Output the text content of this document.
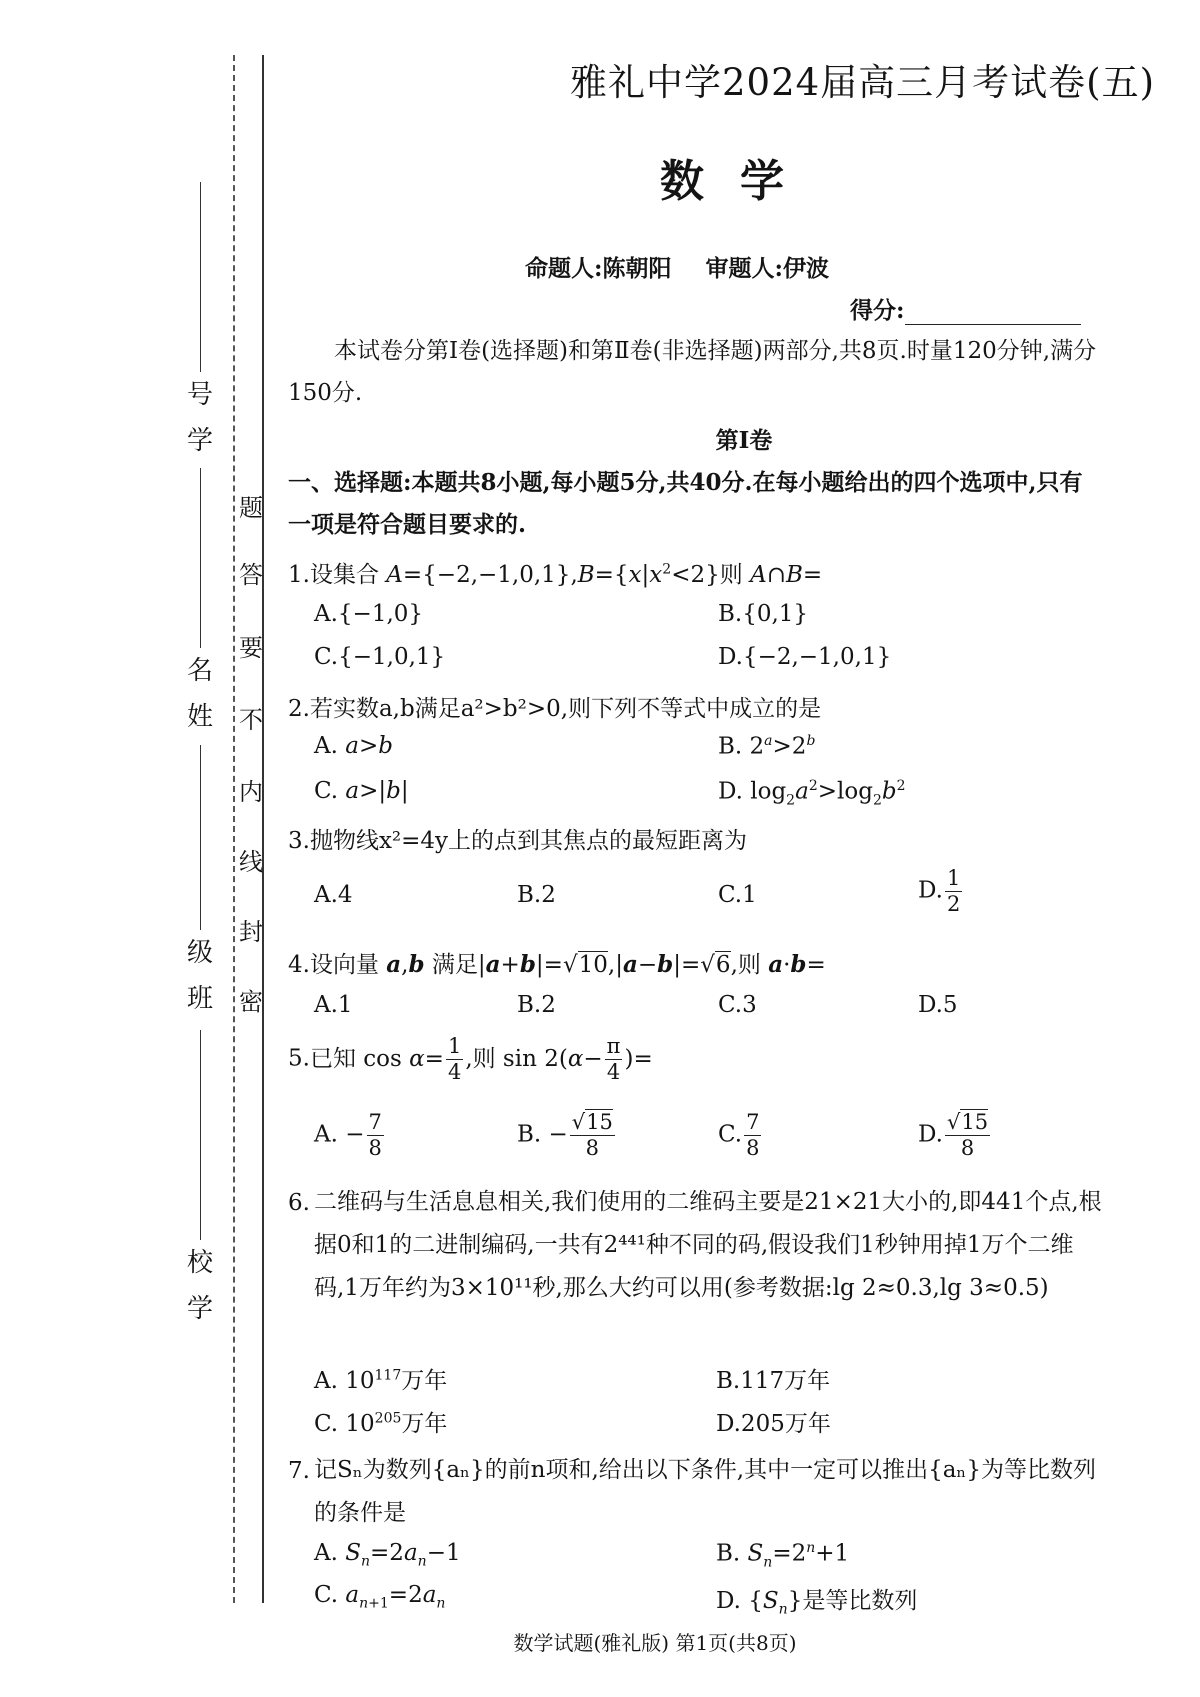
号
学
名
姓
级
班
校
学
题
答
要
不
内
线
封
密
雅礼中学2024届高三月考试卷(五)
数学
命题人:陈朝阳 审题人:伊波
得分:
本试卷分第Ⅰ卷(选择题)和第Ⅱ卷(非选择题)两部分,共8页.时量120分钟,满分150分.
第Ⅰ卷
一、选择题:本题共8小题,每小题5分,共40分.在每小题给出的四个选项中,只有一项是符合题目要求的.
1.设集合 $A=\{-2,-1,0,1\},B=\{x|x^2<2\}$则 A∩B=
A.{−1,0}	B.{0,1}
C.{−1,0,1}	D.{−2,−1,0,1}
2.若实数a,b满足a²>b²>0,则下列不等式中成立的是
A. a>b	B. $2^a>2^b$
C. a>|b|	D. $\log_2a^2>\log_2b^2$
3.抛物线x²=4y上的点到其焦点的最短距离为
A.4	B.2	C.1	D. $\frac{1}{2}$
4.设向量 a,b 满足|a+b|=√10,|a−b|=√6,则 a·b=
A.1	B.2	C.3	D.5
5.已知 $\cos \alpha= \frac{1}{4}$ ,则 $\sin 2(\alpha- \frac{\pi}{4}$ )=
A. − $\frac{7}{8}$	B. − $\frac{√15}{8}$	C. $\frac{7}{8}$	D. $\frac{√15}{8}$
6. 二维码与生活息息相关,我们使用的二维码主要是21×21大小的,即441个点,根据0和1的二进制编码,一共有2⁴⁴¹种不同的码,假设我们1秒钟用掉1万个二维码,1万年约为3×10¹¹秒,那么大约可以用(参考数据:lg 2≈0.3,lg 3≈0.5)
A. $10^{117}$万年	B.117万年
C. $10^{205}$万年	D.205万年
7. 记Sₙ为数列{aₙ}的前n项和,给出以下条件,其中一定可以推出{aₙ}为等比数列的条件是
A. $S_n=2a_n-1$	B. $S_n=2^n+1$
C. $a_{n+1}=2a_n$	D. $\{S_n\}$是等比数列
数学试题(雅礼版) 第1页(共8页)
